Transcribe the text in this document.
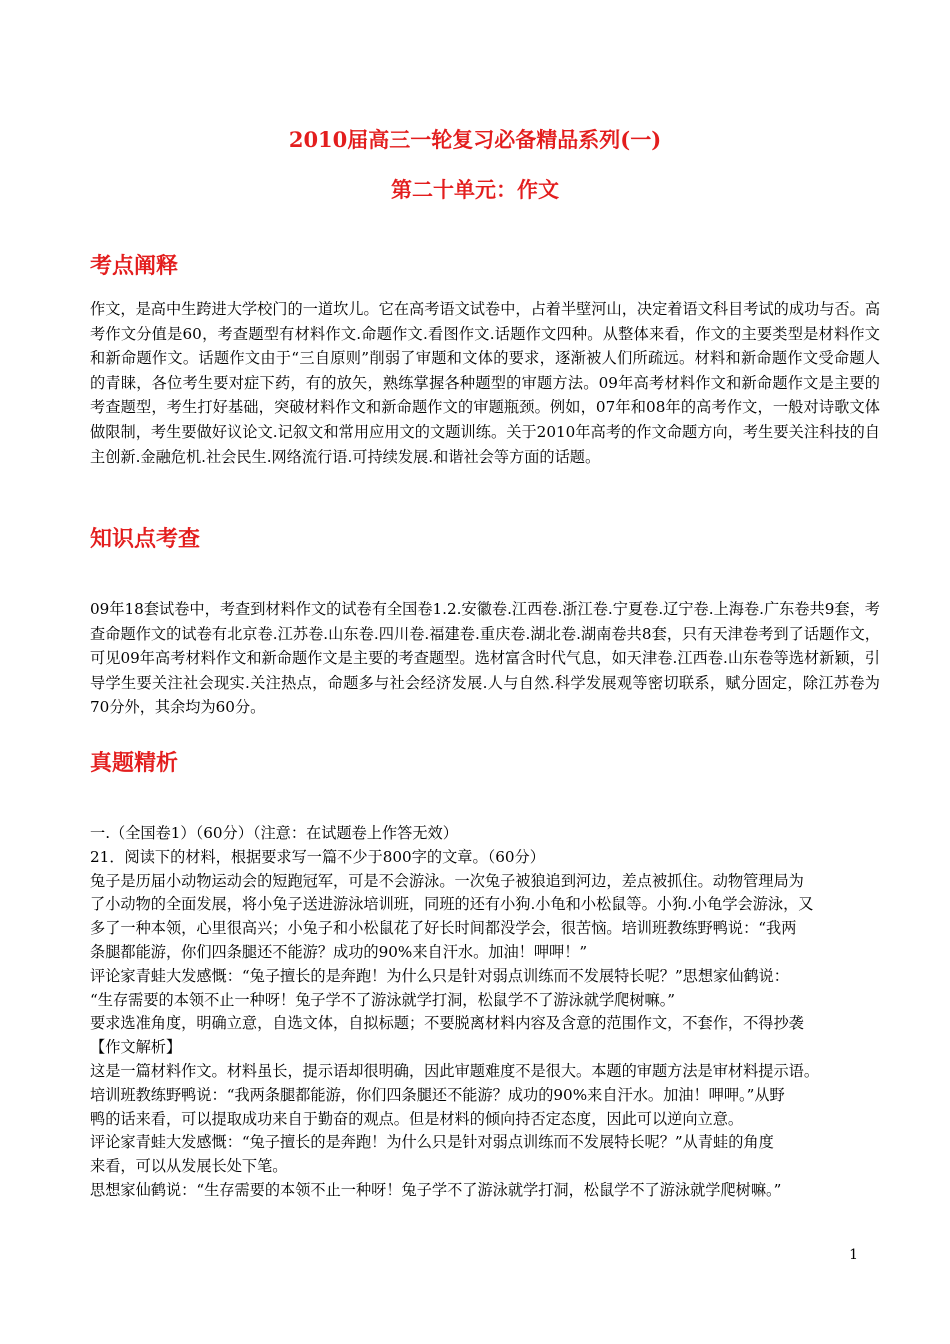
2010届高三一轮复习必备精品系列(一)
第二十单元：作文
考点阐释

作文，是高中生跨进大学校门的一道坎儿。它在高考语文试卷中，占着半壁河山，决定着语文科目考试的成功与否。高考作文分值是60，考查题型有材料作文.命题作文.看图作文.话题作文四种。从整体来看，作文的主要类型是材料作文和新命题作文。话题作文由于“三自原则”削弱了审题和文体的要求，逐渐被人们所疏远。材料和新命题作文受命题人的青睐，各位考生要对症下药，有的放矢，熟练掌握各种题型的审题方法。09年高考材料作文和新命题作文是主要的考查题型，考生打好基础，突破材料作文和新命题作文的审题瓶颈。例如，07年和08年的高考作文，一般对诗歌文体做限制，考生要做好议论文.记叙文和常用应用文的文题训练。关于2010年高考的作文命题方向，考生要关注科技的自主创新.金融危机.社会民生.网络流行语.可持续发展.和谐社会等方面的话题。

知识点考查

09年18套试卷中，考查到材料作文的试卷有全国卷1.2.安徽卷.江西卷.浙江卷.宁夏卷.辽宁卷.上海卷.广东卷共9套，考查命题作文的试卷有北京卷.江苏卷.山东卷.四川卷.福建卷.重庆卷.湖北卷.湖南卷共8套，只有天津卷考到了话题作文，可见09年高考材料作文和新命题作文是主要的考查题型。选材富含时代气息，如天津卷.江西卷.山东卷等选材新颖，引导学生要关注社会现实.关注热点，命题多与社会经济发展.人与自然.科学发展观等密切联系，赋分固定，除江苏卷为70分外，其余均为60分。

真题精析

一.（全国卷1）（60分）（注意：在试题卷上作答无效）

21．阅读下的材料，根据要求写一篇不少于800字的文章。（60分）

兔子是历届小动物运动会的短跑冠军，可是不会游泳。一次兔子被狼追到河边，差点被抓住。动物管理局为

了小动物的全面发展，将小兔子送进游泳培训班，同班的还有小狗.小龟和小松鼠等。小狗.小龟学会游泳，又

多了一种本领，心里很高兴；小兔子和小松鼠花了好长时间都没学会，很苦恼。培训班教练野鸭说：“我两

条腿都能游，你们四条腿还不能游？成功的90%来自汗水。加油！呷呷！”

评论家青蛙大发感慨：“兔子擅长的是奔跑！为什么只是针对弱点训练而不发展特长呢？”思想家仙鹤说：

“生存需要的本领不止一种呀！兔子学不了游泳就学打洞，松鼠学不了游泳就学爬树嘛。”

要求选准角度，明确立意，自选文体，自拟标题；不要脱离材料内容及含意的范围作文，不套作，不得抄袭

【作文解析】

这是一篇材料作文。材料虽长，提示语却很明确，因此审题难度不是很大。本题的审题方法是审材料提示语。

培训班教练野鸭说：“我两条腿都能游，你们四条腿还不能游？成功的90%来自汗水。加油！呷呷。”从野

鸭的话来看，可以提取成功来自于勤奋的观点。但是材料的倾向持否定态度，因此可以逆向立意。

评论家青蛙大发感慨：“兔子擅长的是奔跑！为什么只是针对弱点训练而不发展特长呢？”从青蛙的角度

来看，可以从发展长处下笔。

思想家仙鹤说：“生存需要的本领不止一种呀！兔子学不了游泳就学打洞，松鼠学不了游泳就学爬树嘛。”

1
